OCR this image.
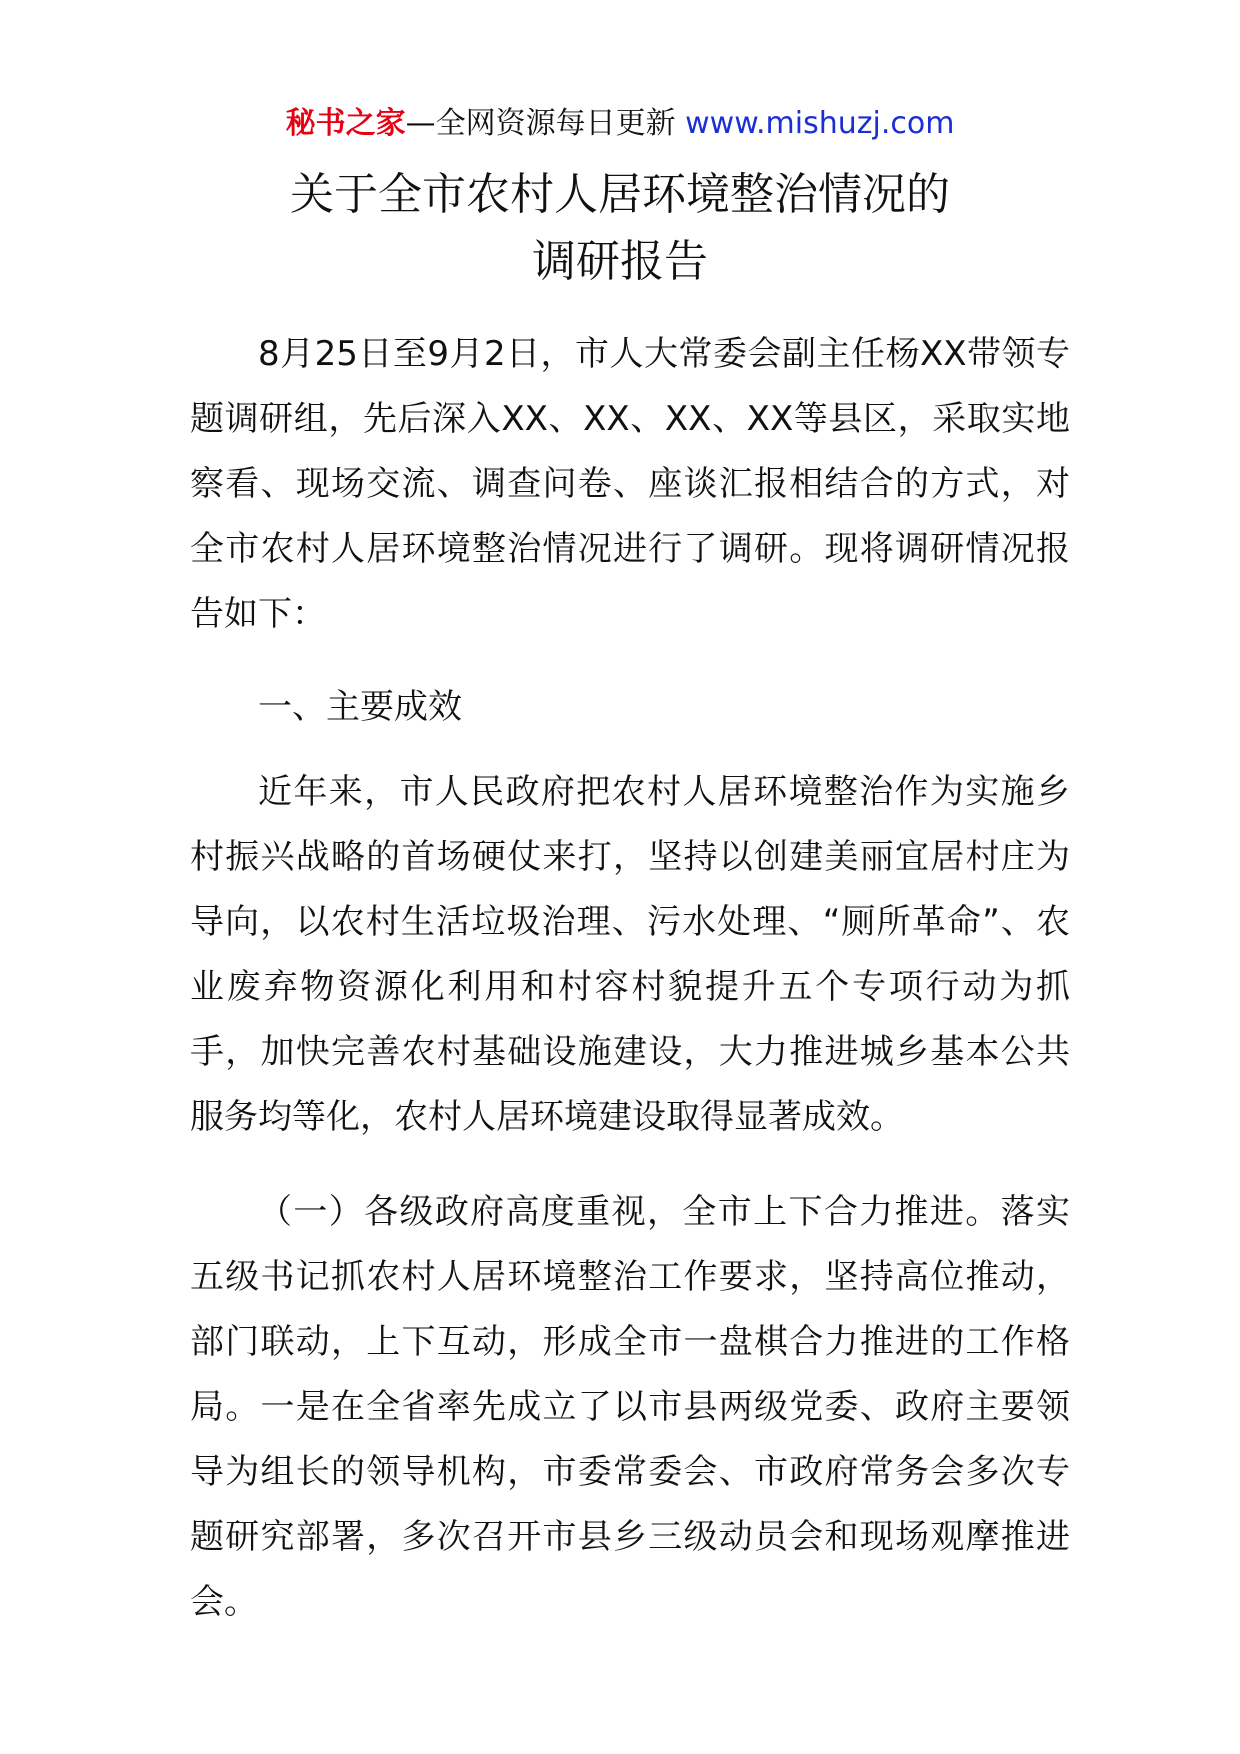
秘书之家—全网资源每日更新 www.mishuzj.com
关于全市农村人居环境整治情况的
调研报告

8月25日至9月2日，市人大常委会副主任杨XX带领专题调研组，先后深入XX、XX、XX、XX等县区，采取实地察看、现场交流、调查问卷、座谈汇报相结合的方式，对全市农村人居环境整治情况进行了调研。现将调研情况报告如下：

一、主要成效

近年来，市人民政府把农村人居环境整治作为实施乡村振兴战略的首场硬仗来打，坚持以创建美丽宜居村庄为导向，以农村生活垃圾治理、污水处理、“厕所革命”、农业废弃物资源化利用和村容村貌提升五个专项行动为抓手，加快完善农村基础设施建设，大力推进城乡基本公共服务均等化，农村人居环境建设取得显著成效。

（一）各级政府高度重视，全市上下合力推进。落实五级书记抓农村人居环境整治工作要求，坚持高位推动，部门联动，上下互动，形成全市一盘棋合力推进的工作格局。一是在全省率先成立了以市县两级党委、政府主要领导为组长的领导机构，市委常委会、市政府常务会多次专题研究部署，多次召开市县乡三级动员会和现场观摩推进会。
